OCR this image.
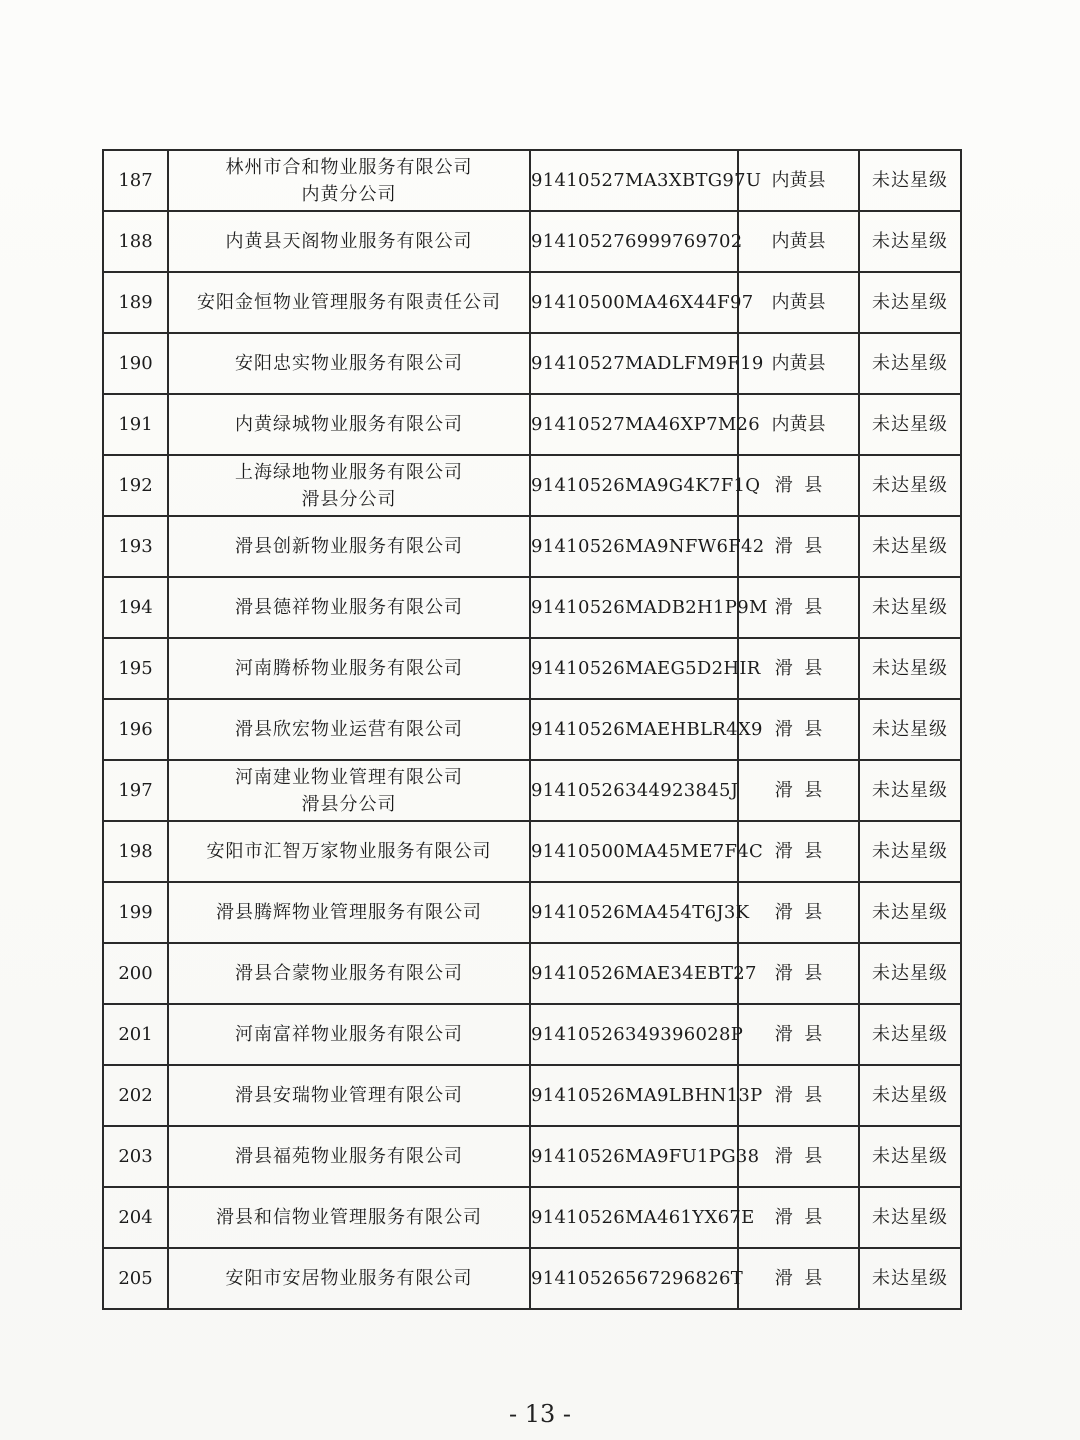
187	林州市合和物业服务有限公司
内黄分公司	91410527MA3XBTG97U	内黄县	未达星级
188	内黄县天阁物业服务有限公司	914105276999769702	内黄县	未达星级
189	安阳金恒物业管理服务有限责任公司	91410500MA46X44F97	内黄县	未达星级
190	安阳忠实物业服务有限公司	91410527MADLFM9F19	内黄县	未达星级
191	内黄绿城物业服务有限公司	91410527MA46XP7M26	内黄县	未达星级
192	上海绿地物业服务有限公司
滑县分公司	91410526MA9G4K7F1Q	滑  县	未达星级
193	滑县创新物业服务有限公司	91410526MA9NFW6F42	滑  县	未达星级
194	滑县德祥物业服务有限公司	91410526MADB2H1P9M	滑  县	未达星级
195	河南腾桥物业服务有限公司	91410526MAEG5D2HIR	滑  县	未达星级
196	滑县欣宏物业运营有限公司	91410526MAEHBLR4X9	滑  县	未达星级
197	河南建业物业管理有限公司
滑县分公司	91410526344923845J	滑  县	未达星级
198	安阳市汇智万家物业服务有限公司	91410500MA45ME7F4C	滑  县	未达星级
199	滑县腾辉物业管理服务有限公司	91410526MA454T6J3K	滑  县	未达星级
200	滑县合蒙物业服务有限公司	91410526MAE34EBT27	滑  县	未达星级
201	河南富祥物业服务有限公司	91410526349396028P	滑  县	未达星级
202	滑县安瑞物业管理有限公司	91410526MA9LBHN13P	滑  县	未达星级
203	滑县福苑物业服务有限公司	91410526MA9FU1PG38	滑  县	未达星级
204	滑县和信物业管理服务有限公司	91410526MA461YX67E	滑  县	未达星级
205	安阳市安居物业服务有限公司	91410526567296826T	滑  县	未达星级
- 13 -
